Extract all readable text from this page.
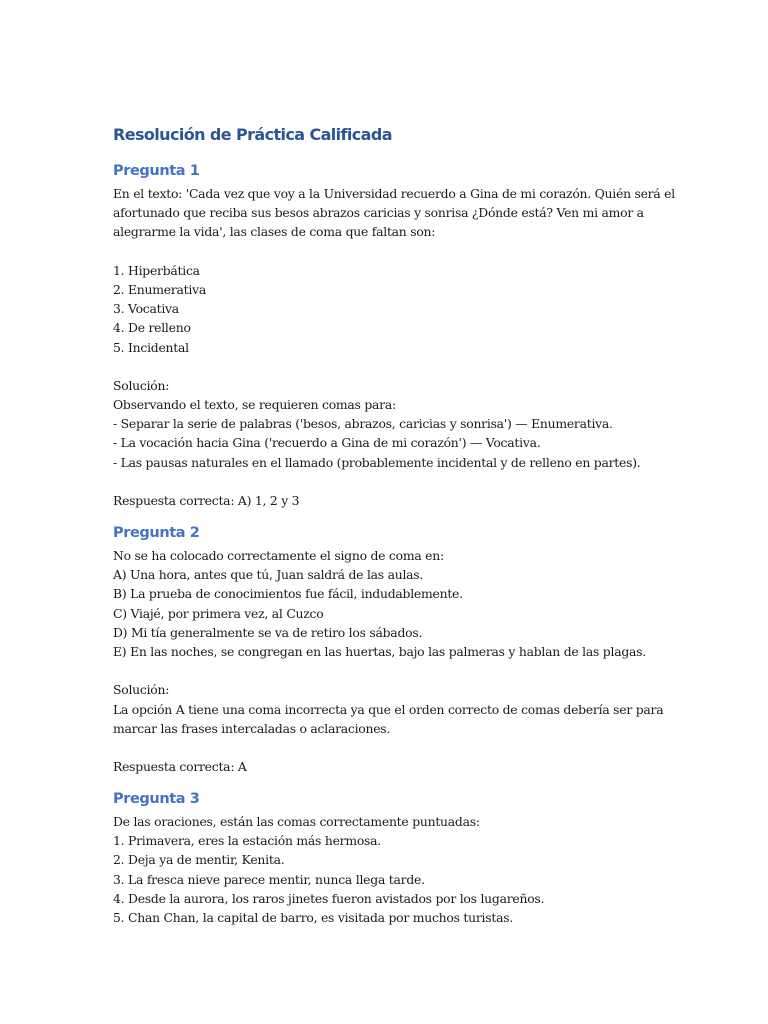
Resolución de Práctica Calificada
Pregunta 1
En el texto: 'Cada vez que voy a la Universidad recuerdo a Gina de mi corazón. Quién será el
afortunado que reciba sus besos abrazos caricias y sonrisa ¿Dónde está? Ven mi amor a
alegrarme la vida', las clases de coma que faltan son:
1. Hiperbática
2. Enumerativa
3. Vocativa
4. De relleno
5. Incidental
Solución:
Observando el texto, se requieren comas para:
- Separar la serie de palabras ('besos, abrazos, caricias y sonrisa') — Enumerativa.
- La vocación hacia Gina ('recuerdo a Gina de mi corazón') — Vocativa.
- Las pausas naturales en el llamado (probablemente incidental y de relleno en partes).
Respuesta correcta: A) 1, 2 y 3
Pregunta 2
No se ha colocado correctamente el signo de coma en:
A) Una hora, antes que tú, Juan saldrá de las aulas.
B) La prueba de conocimientos fue fácil, indudablemente.
C) Viajé, por primera vez, al Cuzco
D) Mi tía generalmente se va de retiro los sábados.
E) En las noches, se congregan en las huertas, bajo las palmeras y hablan de las plagas.
Solución:
La opción A tiene una coma incorrecta ya que el orden correcto de comas debería ser para
marcar las frases intercaladas o aclaraciones.
Respuesta correcta: A
Pregunta 3
De las oraciones, están las comas correctamente puntuadas:
1. Primavera, eres la estación más hermosa.
2. Deja ya de mentir, Kenita.
3. La fresca nieve parece mentir, nunca llega tarde.
4. Desde la aurora, los raros jinetes fueron avistados por los lugareños.
5. Chan Chan, la capital de barro, es visitada por muchos turistas.
